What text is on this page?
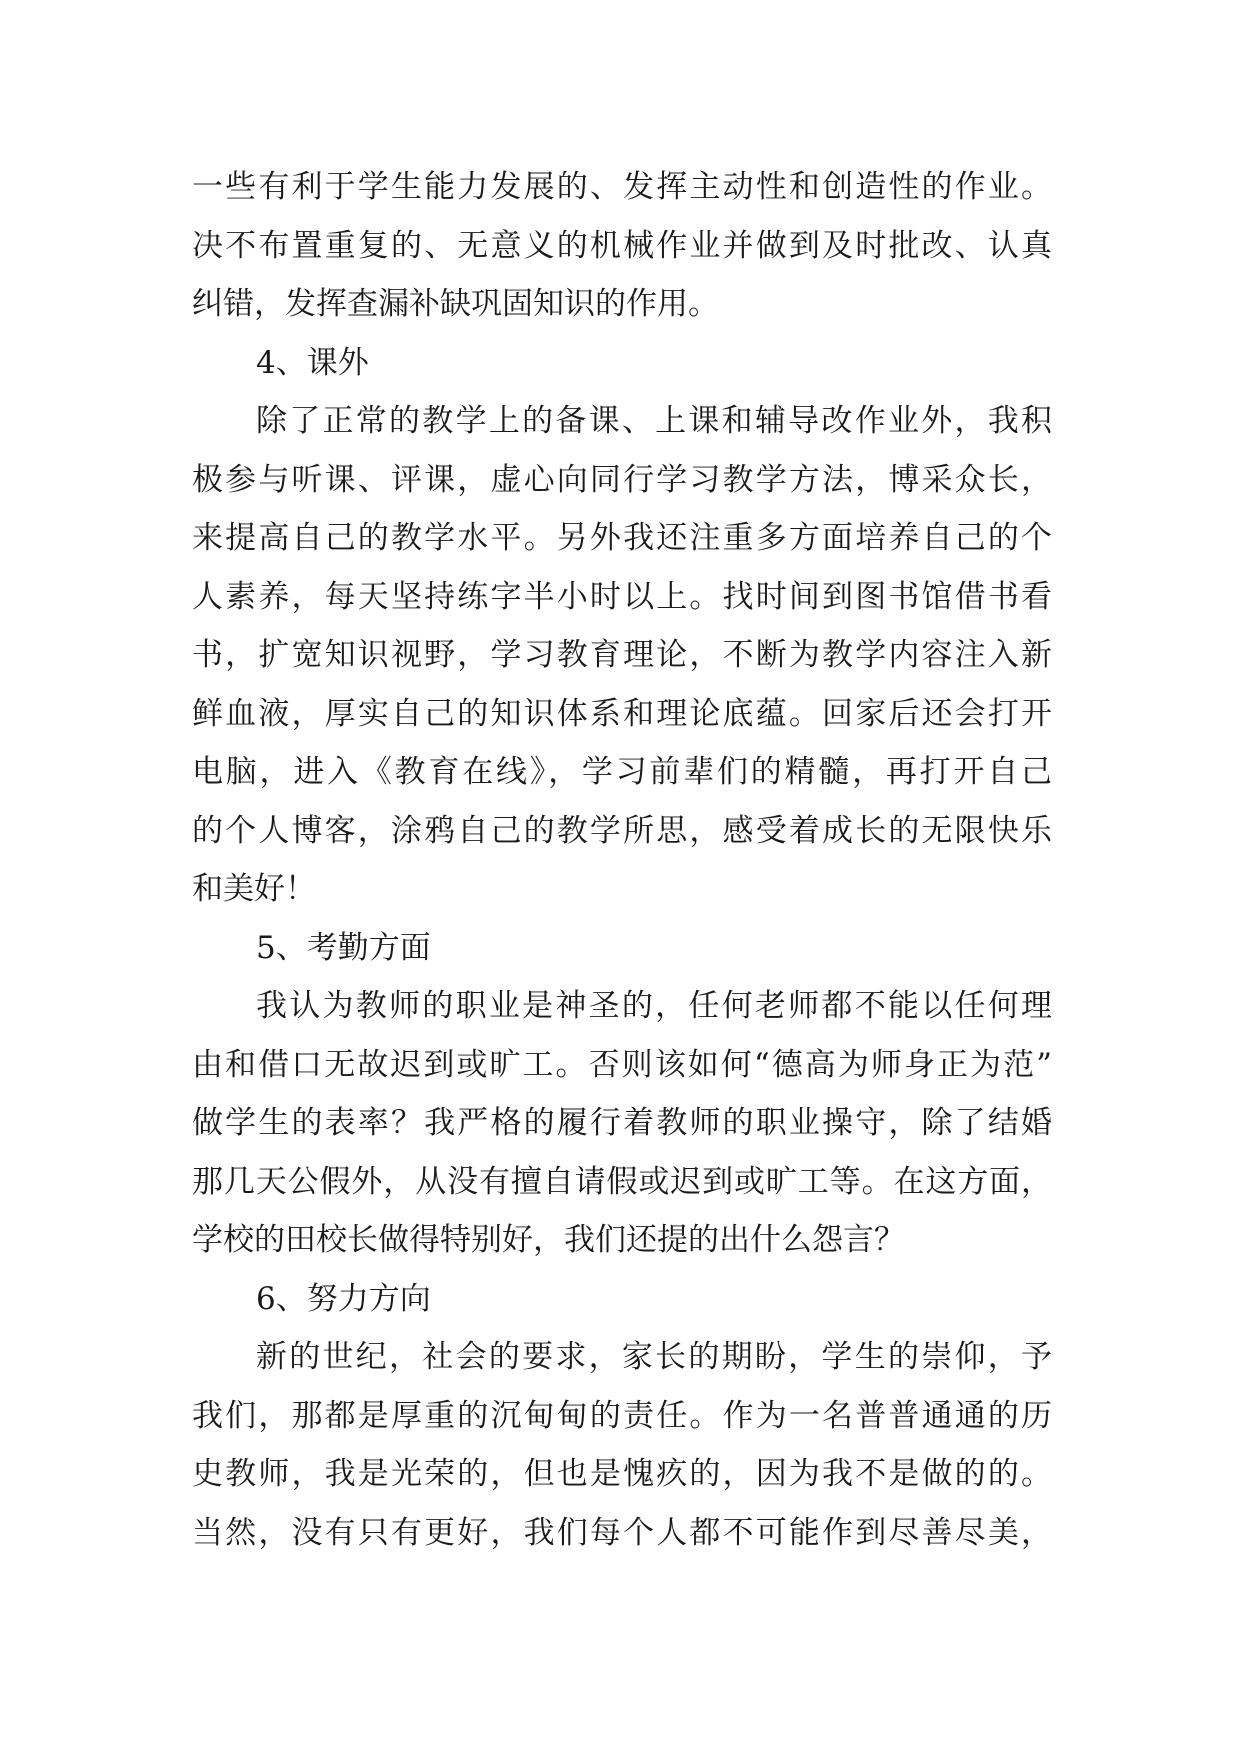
一些有利于学生能力发展的、发挥主动性和创造性的作业。
决不布置重复的、无意义的机械作业并做到及时批改、认真
纠错，发挥查漏补缺巩固知识的作用。
4、课外
除了正常的教学上的备课、上课和辅导改作业外，我积
极参与听课、评课，虚心向同行学习教学方法，博采众长，
来提高自己的教学水平。另外我还注重多方面培养自己的个
人素养，每天坚持练字半小时以上。找时间到图书馆借书看
书，扩宽知识视野，学习教育理论，不断为教学内容注入新
鲜血液，厚实自己的知识体系和理论底蕴。回家后还会打开
电脑，进入《教育在线》，学习前辈们的精髓，再打开自己
的个人博客，涂鸦自己的教学所思，感受着成长的无限快乐
和美好！
5、考勤方面
我认为教师的职业是神圣的，任何老师都不能以任何理
由和借口无故迟到或旷工。否则该如何“德高为师身正为范”
做学生的表率？我严格的履行着教师的职业操守，除了结婚
那几天公假外，从没有擅自请假或迟到或旷工等。在这方面，
学校的田校长做得特别好，我们还提的出什么怨言？
6、努力方向
新的世纪，社会的要求，家长的期盼，学生的崇仰，予
我们，那都是厚重的沉甸甸的责任。作为一名普普通通的历
史教师，我是光荣的，但也是愧疚的，因为我不是做的的。
当然，没有只有更好，我们每个人都不可能作到尽善尽美，
